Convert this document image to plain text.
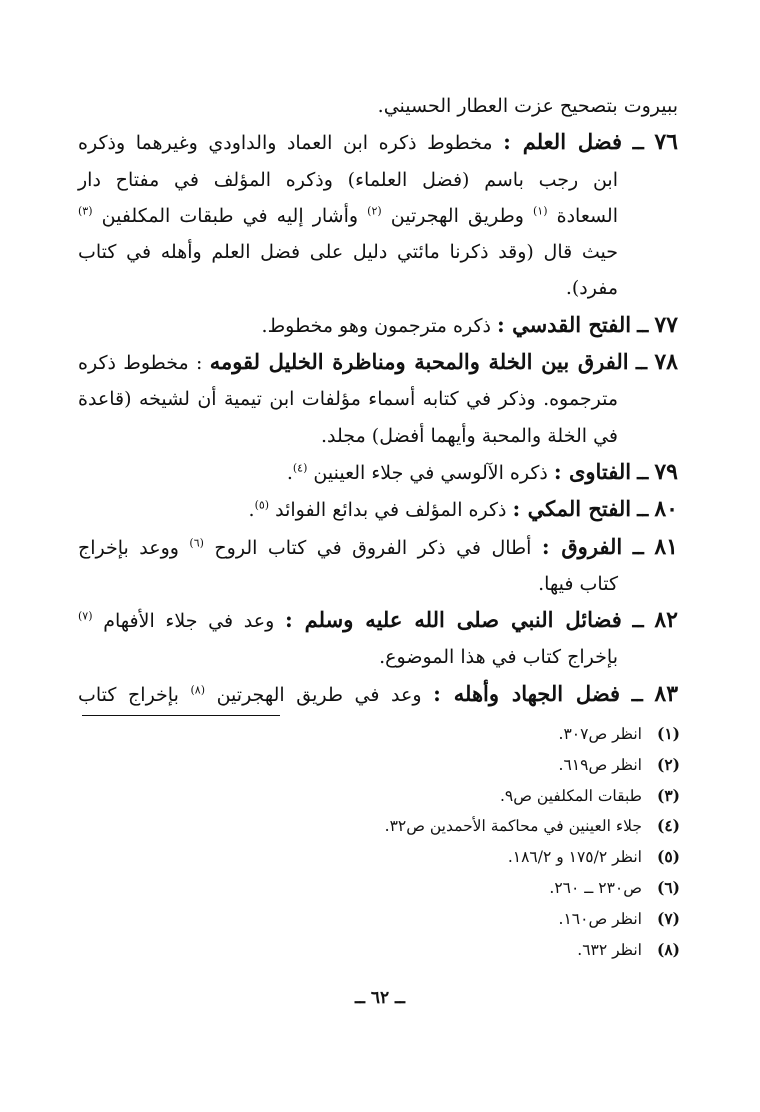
ببيروت بتصحيح عزت العطار الحسيني.
٧٦ ــ فضل العلم : مخطوط ذكره ابن العماد والداودي وغيرهما وذكره
ابن رجب باسم (فضل العلماء) وذكره المؤلف في مفتاح دار
السعادة $^{(١)}$ وطريق الهجرتين $^{(٢)}$ وأشار إليه في طبقات المكلفين $^{(٣)}$
حيث قال (وقد ذكرنا مائتي دليل على فضل العلم وأهله في كتاب
مفرد).
٧٧ ــ الفتح القدسي : ذكره مترجمون وهو مخطوط.
٧٨ ــ الفرق بين الخلة والمحبة ومناظرة الخليل لقومه : مخطوط ذكره
مترجموه. وذكر في كتابه أسماء مؤلفات ابن تيمية أن لشيخه (قاعدة
في الخلة والمحبة وأيهما أفضل) مجلد.
٧٩ ــ الفتاوى : ذكره الآلوسي في جلاء العينين $^{(٤)}$.
٨٠ ــ الفتح المكي : ذكره المؤلف في بدائع الفوائد $^{(٥)}$.
٨١ ــ الفروق : أطال في ذكر الفروق في كتاب الروح $^{(٦)}$ ووعد بإخراج
كتاب فيها.
٨٢ ــ فضائل النبي صلى الله عليه وسلم : وعد في جلاء الأفهام $^{(٧)}$
بإخراج كتاب في هذا الموضوع.
٨٣ ــ فضل الجهاد وأهله : وعد في طريق الهجرتين $^{(٨)}$ بإخراج كتاب
(١)انظر ص٣٠٧.
(٢)انظر ص٦١٩.
(٣)طبقات المكلفين ص٩.
(٤)جلاء العينين في محاكمة الأحمدين ص٣٢.
(٥)انظر ١٧٥/٢ و ١٨٦/٢.
(٦)ص٢٣٠ ــ ٢٦٠.
(٧)انظر ص١٦٠.
(٨)انظر ٦٣٢.
ــ ٦٢ ــ
